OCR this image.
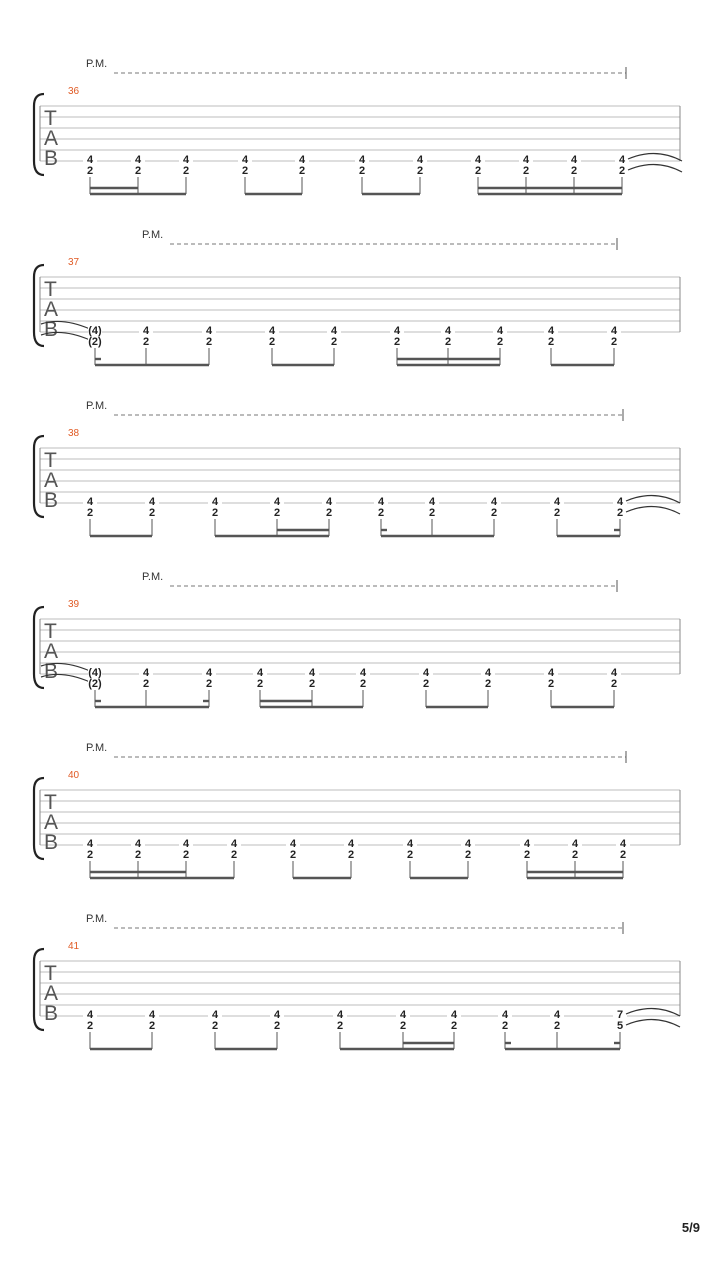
P.M.
36
T
A
B	4
2
4
2
4
2
4
2
4
2
4
2
4
2
4
2
4
2
4
2
4
2
P.M.
37
T
A
B	(4)
(2)
4
2
4
2
4
2
4
2
4
2
4
2
4
2
4
2
4
2
P.M.
38
T
A
B	4
2
4
2
4
2
4
2
4
2
4
2
4
2
4
2
4
2
4
2
P.M.
39
T
A
B	(4)
(2)
4
2
4
2
4
2
4
2
4
2
4
2
4
2
4
2
4
2
P.M.
40
T
A
B	4
2
4
2
4
2
4
2
4
2
4
2
4
2
4
2
4
2
4
2
4
2
P.M.
41
T
A
B	4
2
4
2
4
2
4
2
4
2
4
2
4
2
4
2
4
2
7
5
5/9
